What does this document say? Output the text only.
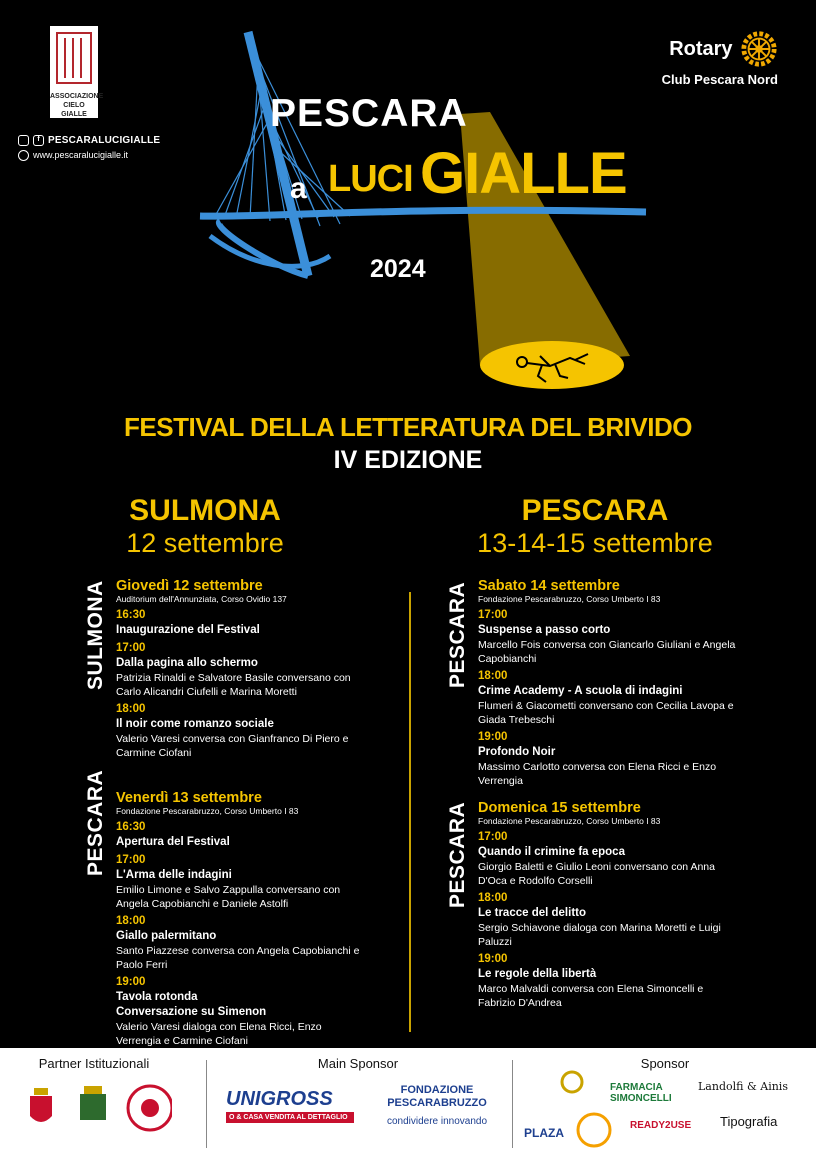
ASSOCIAZIONE CIELO GIALLE
f PESCARALUCIGIALLE
www.pescaralucigialle.it
Rotary
Club Pescara Nord
PESCARA
a LUCI GIALLE
2024
FESTIVAL DELLA LETTERATURA DEL BRIVIDO
IV EDIZIONE
SULMONA
12 settembre
PESCARA
13-14-15 settembre
SULMONA Giovedì 12 settembre
Auditorium dell'Annunziata, Corso Ovidio 137
16:30
Inaugurazione del Festival
17:00
Dalla pagina allo schermo
Patrizia Rinaldi e Salvatore Basile conversano con Carlo Alicandri Ciufelli e Marina Moretti
18:00
Il noir come romanzo sociale
Valerio Varesi conversa con Gianfranco Di Piero e Carmine Ciofani
PESCARA Venerdì 13 settembre
Fondazione Pescarabruzzo, Corso Umberto I 83
16:30
Apertura del Festival
17:00
L'Arma delle indagini
Emilio Limone e Salvo Zappulla conversano con Angela Capobianchi e Daniele Astolfi
18:00
Giallo palermitano
Santo Piazzese conversa con Angela Capobianchi e Paolo Ferri
19:00
Tavola rotonda
Conversazione su Simenon
Valerio Varesi dialoga con Elena Ricci, Enzo Verrengia e Carmine Ciofani
PESCARA Sabato 14 settembre
Fondazione Pescarabruzzo, Corso Umberto I 83
17:00
Suspense a passo corto
Marcello Fois conversa con Giancarlo Giuliani e Angela Capobianchi
18:00
Crime Academy - A scuola di indagini
Flumeri & Giacometti conversano con Cecilia Lavopa e Giada Trebeschi
19:00
Profondo Noir
Massimo Carlotto conversa con Elena Ricci e Enzo Verrengia
PESCARA Domenica 15 settembre
Fondazione Pescarabruzzo, Corso Umberto I 83
17:00
Quando il crimine fa epoca
Giorgio Baletti e Giulio Leoni conversano con Anna D'Oca e Rodolfo Corselli
18:00
Le tracce del delitto
Sergio Schiavone dialoga con Marina Moretti e Luigi Paluzzi
19:00
Le regole della libertà
Marco Malvaldi conversa con Elena Simoncelli e Fabrizio D'Andrea
Partner Istituzionali	Main Sponsor
UNIGROSS
O & CASA VENDITA AL DETTAGLIO
FONDAZIONE PESCARABRUZZO
condividere innovando
Sponsor
FARMACIA SIMONCELLI
Landolfi & Ainis
PLAZA
READY2USE Tipografia
